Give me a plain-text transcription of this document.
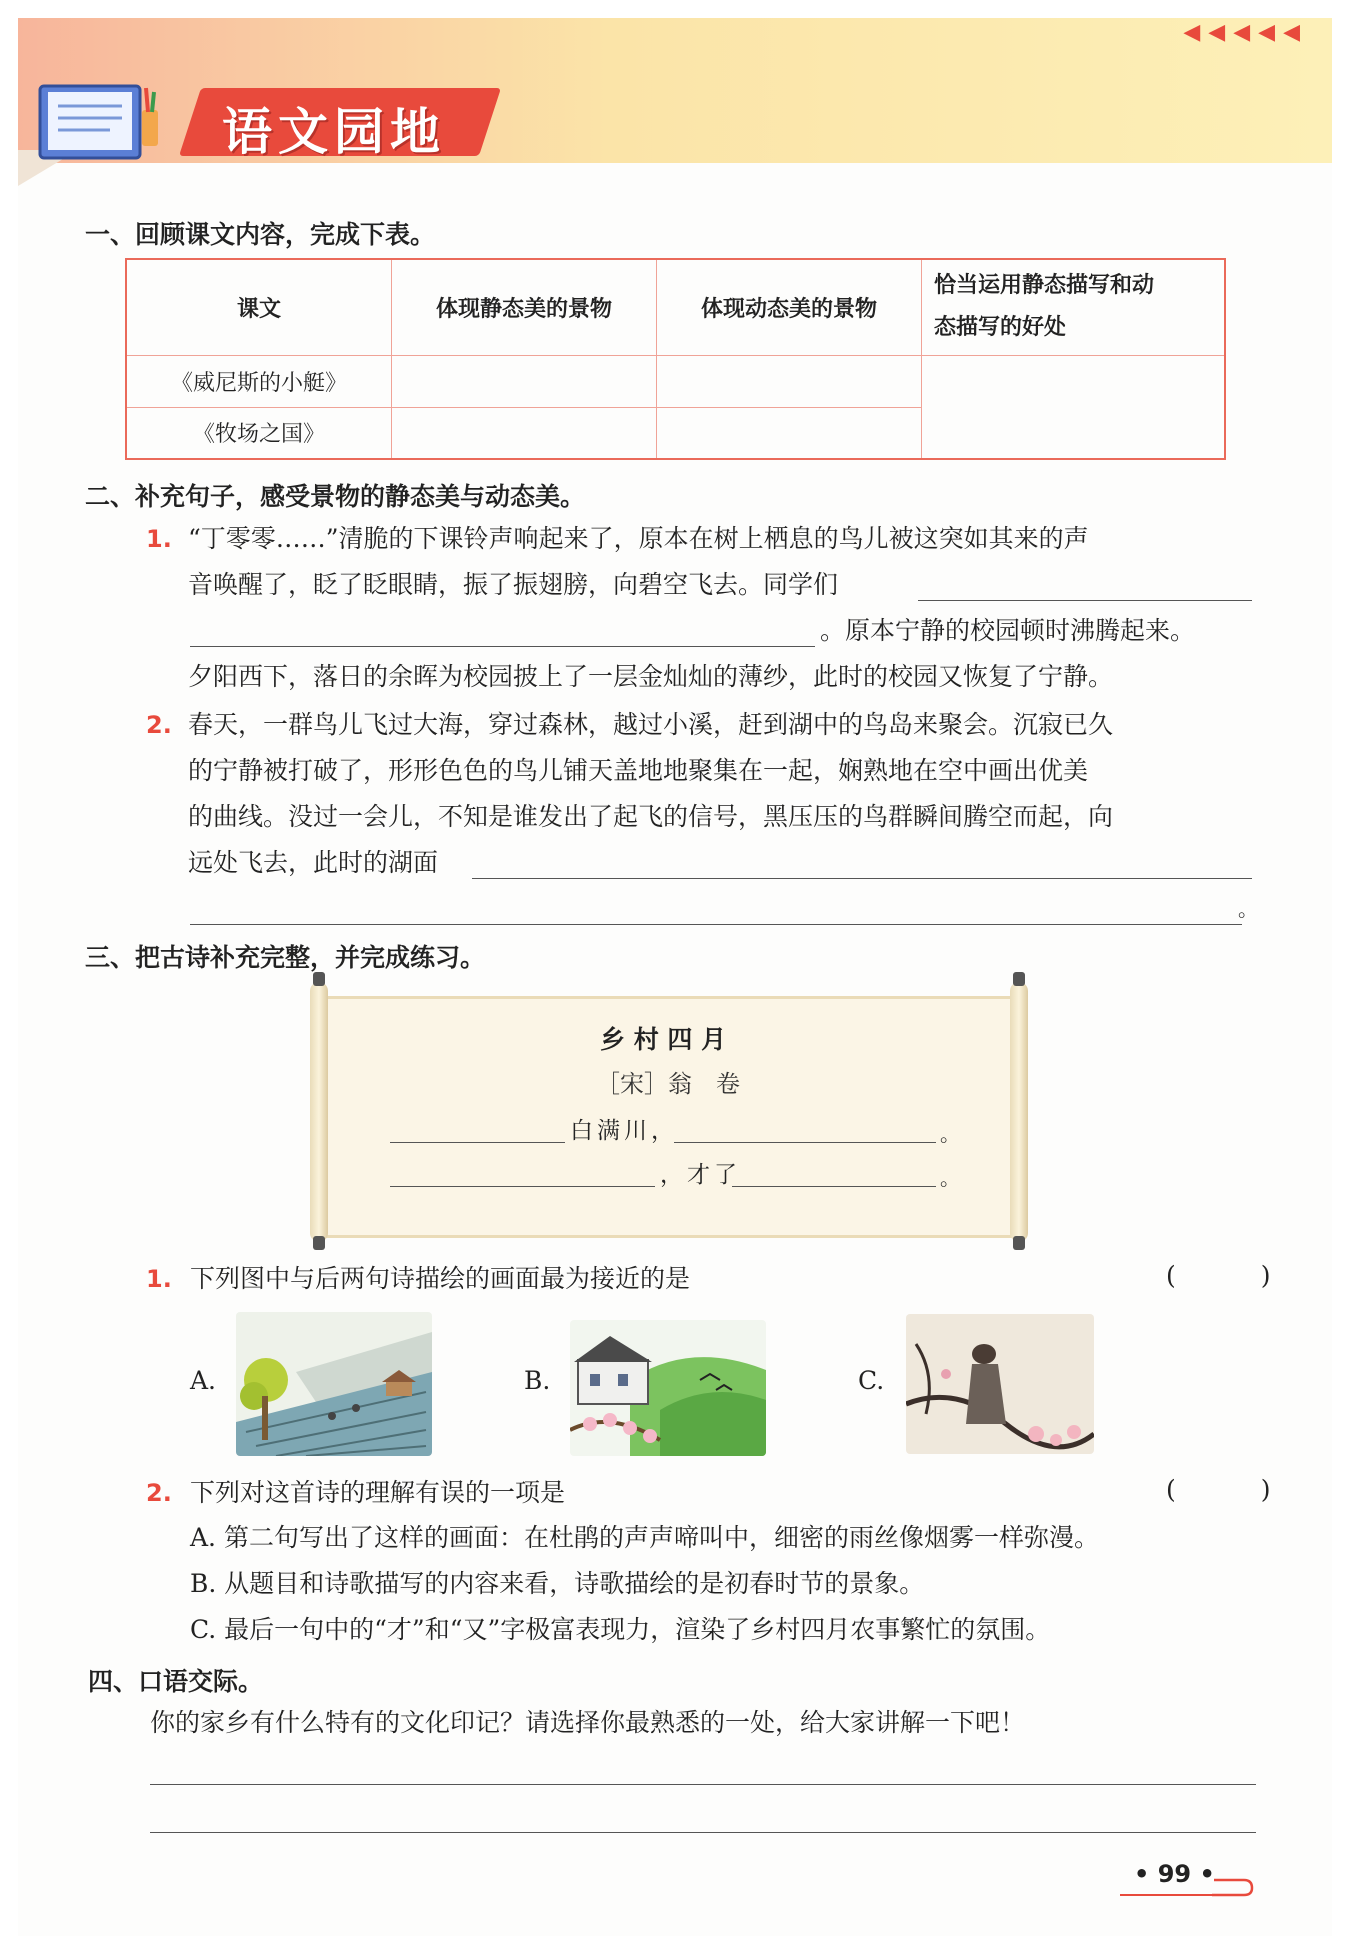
◀◀◀◀◀
语文园地
一、回顾课文内容，完成下表。
课文	体现静态美的景物	体现动态美的景物	恰当运用静态描写和动
态描写的好处
《威尼斯的小艇》			
《牧场之国》			
二、补充句子，感受景物的静态美与动态美。
1. “丁零零……”清脆的下课铃声响起来了，原本在树上栖息的鸟儿被这突如其来的声
音唤醒了，眨了眨眼睛，振了振翅膀，向碧空飞去。同学们
。原本宁静的校园顿时沸腾起来。
夕阳西下，落日的余晖为校园披上了一层金灿灿的薄纱，此时的校园又恢复了宁静。
2. 春天，一群鸟儿飞过大海，穿过森林，越过小溪，赶到湖中的鸟岛来聚会。沉寂已久
的宁静被打破了，形形色色的鸟儿铺天盖地地聚集在一起，娴熟地在空中画出优美
的曲线。没过一会儿，不知是谁发出了起飞的信号，黑压压的鸟群瞬间腾空而起，向
远处飞去，此时的湖面
。
三、把古诗补充完整，并完成练习。
乡 村 四 月
［宋］翁　卷
白满川，	。
，才了	。
1. 下列图中与后两句诗描绘的画面最为接近的是	(　)
A.	B.	C.
2. 下列对这首诗的理解有误的一项是	(　)
A. 第二句写出了这样的画面：在杜鹃的声声啼叫中，细密的雨丝像烟雾一样弥漫。
B. 从题目和诗歌描写的内容来看，诗歌描绘的是初春时节的景象。
C. 最后一句中的“才”和“又”字极富表现力，渲染了乡村四月农事繁忙的氛围。
四、口语交际。
你的家乡有什么特有的文化印记？请选择你最熟悉的一处，给大家讲解一下吧！
• 99 •
